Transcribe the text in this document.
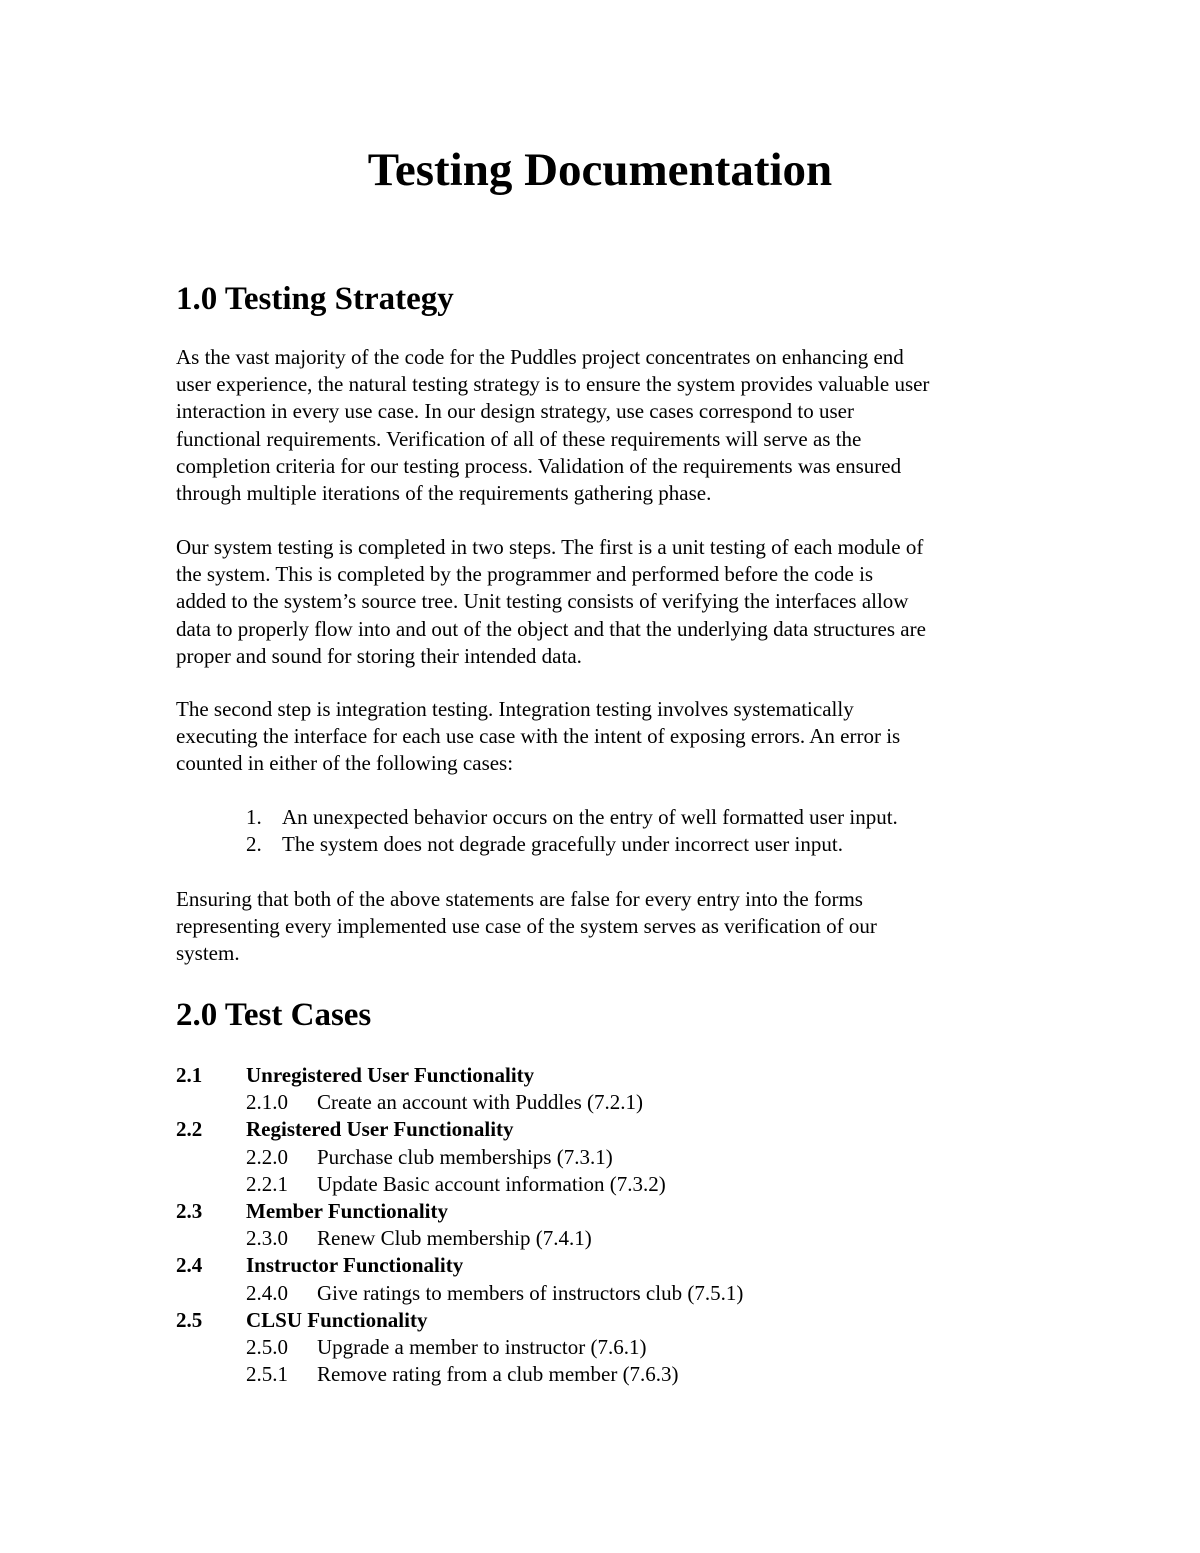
Testing Documentation
1.0 Testing Strategy
As the vast majority of the code for the Puddles project concentrates on enhancing end
user experience, the natural testing strategy is to ensure the system provides valuable user
interaction in every use case. In our design strategy, use cases correspond to user
functional requirements. Verification of all of these requirements will serve as the
completion criteria for our testing process. Validation of the requirements was ensured
through multiple iterations of the requirements gathering phase.
Our system testing is completed in two steps. The first is a unit testing of each module of
the system. This is completed by the programmer and performed before the code is
added to the system’s source tree. Unit testing consists of verifying the interfaces allow
data to properly flow into and out of the object and that the underlying data structures are
proper and sound for storing their intended data.
The second step is integration testing. Integration testing involves systematically
executing the interface for each use case with the intent of exposing errors. An error is
counted in either of the following cases:
1. An unexpected behavior occurs on the entry of well formatted user input.
2. The system does not degrade gracefully under incorrect user input.
Ensuring that both of the above statements are false for every entry into the forms
representing every implemented use case of the system serves as verification of our
system.
2.0 Test Cases
2.1 Unregistered User Functionality
2.1.0 Create an account with Puddles (7.2.1)
2.2 Registered User Functionality
2.2.0 Purchase club memberships (7.3.1)
2.2.1 Update Basic account information (7.3.2)
2.3 Member Functionality
2.3.0 Renew Club membership (7.4.1)
2.4 Instructor Functionality
2.4.0 Give ratings to members of instructors club (7.5.1)
2.5 CLSU Functionality
2.5.0 Upgrade a member to instructor (7.6.1)
2.5.1 Remove rating from a club member (7.6.3)
